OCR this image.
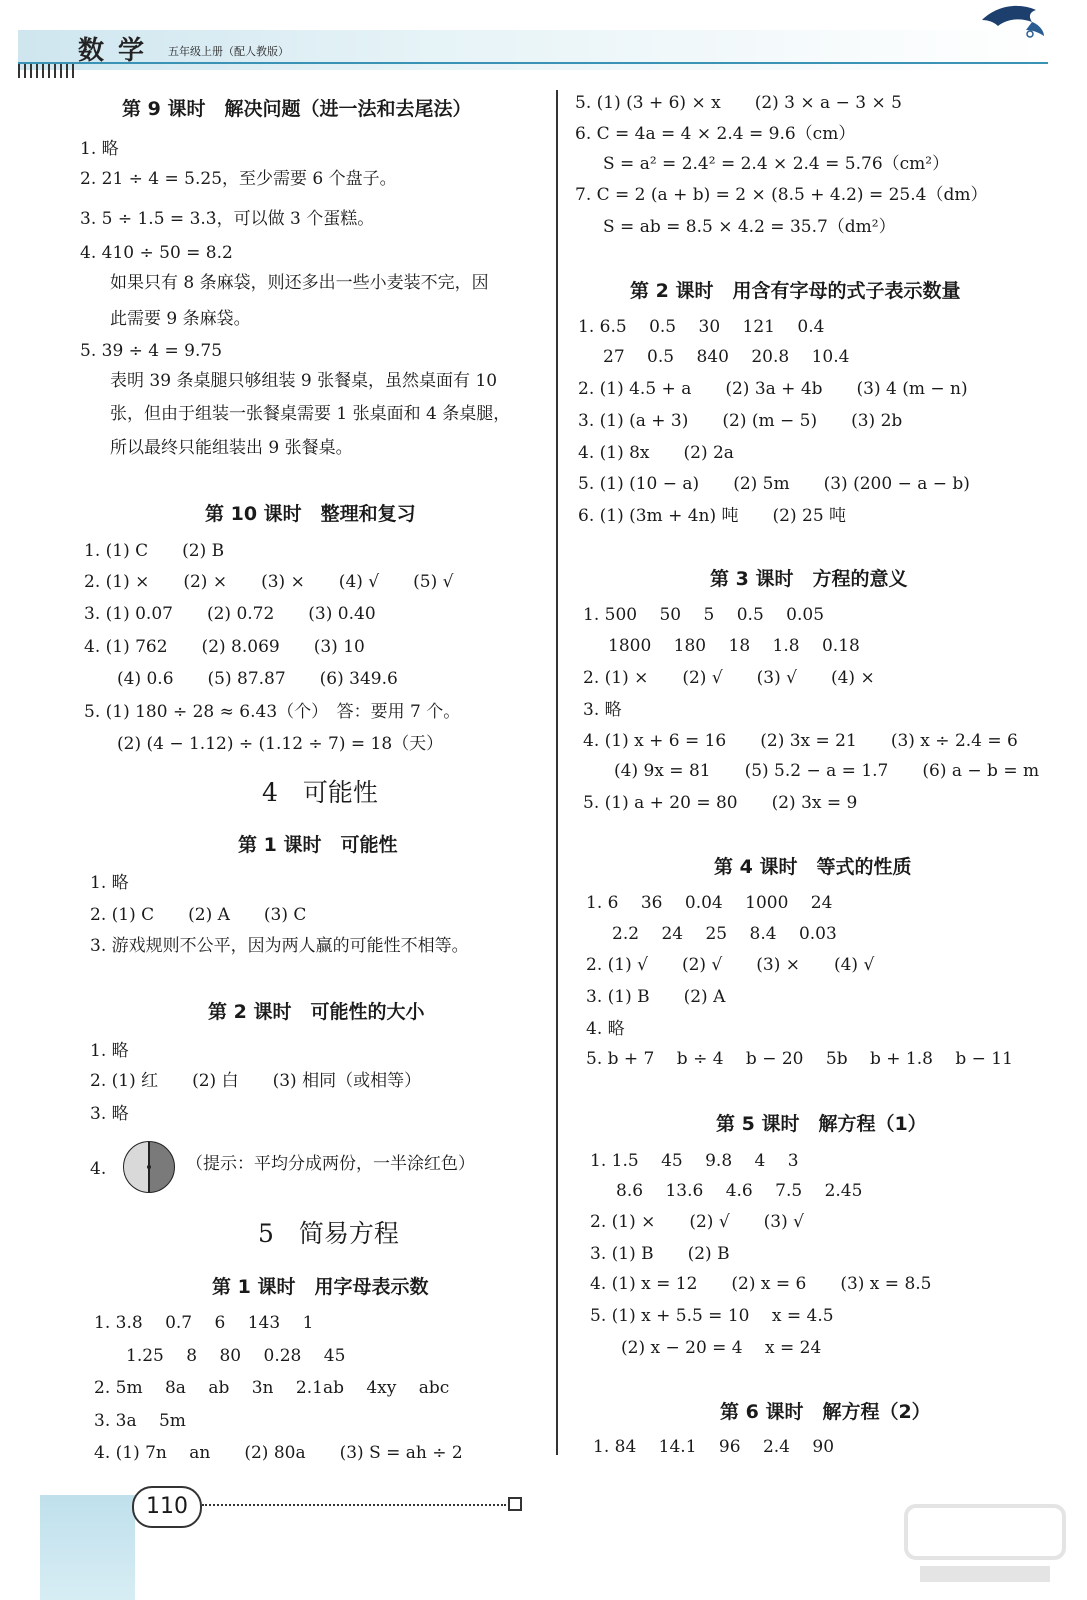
数学 五年级上册（配人教版）
第 9 课时　解决问题（进一法和去尾法）
1. 略
2. 21 ÷ 4 = 5.25，至少需要 6 个盘子。
3. 5 ÷ 1.5 = 3.3̇，可以做 3 个蛋糕。
4. 410 ÷ 50 = 8.2
如果只有 8 条麻袋，则还多出一些小麦装不完，因
此需要 9 条麻袋。
5. 39 ÷ 4 = 9.75
表明 39 条桌腿只够组装 9 张餐桌，虽然桌面有 10
张，但由于组装一张餐桌需要 1 张桌面和 4 条桌腿，
所以最终只能组装出 9 张餐桌。
第 10 课时　整理和复习
1. (1) C　　(2) B
2. (1) ×　　(2) ×　　(3) ×　　(4) √　　(5) √
3. (1) 0.07　　(2) 0.72　　(3) 0.40
4. (1) 762　　(2) 8.069　　(3) 10
(4) 0.6　　(5) 87.87　　(6) 349.6
5. (1) 180 ÷ 28 ≈ 6.43（个）　答：要用 7 个。
(2) (4 − 1.12) ÷ (1.12 ÷ 7) = 18（天）
4　可能性
第 1 课时　可能性
1. 略
2. (1) C　　(2) A　　(3) C
3. 游戏规则不公平，因为两人赢的可能性不相等。
第 2 课时　可能性的大小
1. 略
2. (1) 红　　(2) 白　　(3) 相同（或相等）
3. 略
4.	（提示：平均分成两份，一半涂红色）
5　简易方程
第 1 课时　用字母表示数
1. 3.8　 0.7　 6　 143　 1
1.25　 8　 80　 0.28　 45
2. 5m　 8a　 ab　 3n　 2.1ab　 4xy　 abc
3. 3a　 5m
4. (1) 7n　 an　　(2) 80a　　(3) S = ah ÷ 2
5. (1) (3 + 6) × x　　(2) 3 × a − 3 × 5
6. C = 4a = 4 × 2.4 = 9.6（cm）
S = a² = 2.4² = 2.4 × 2.4 = 5.76（cm²）
7. C = 2 (a + b) = 2 × (8.5 + 4.2) = 25.4（dm）
S = ab = 8.5 × 4.2 = 35.7（dm²）
第 2 课时　用含有字母的式子表示数量
1. 6.5　 0.5　 30　 121　 0.4
27　 0.5　 840　 20.8　 10.4
2. (1) 4.5 + a　　(2) 3a + 4b　　(3) 4 (m − n)
3. (1) (a + 3)　　(2) (m − 5)　　(3) 2b
4. (1) 8x　　(2) 2a
5. (1) (10 − a)　　(2) 5m　　(3) (200 − a − b)
6. (1) (3m + 4n) 吨　　(2) 25 吨
第 3 课时　方程的意义
1. 500　 50　 5　 0.5　 0.05
1800　 180　 18　 1.8　 0.18
2. (1) ×　　(2) √　　(3) √　　(4) ×
3. 略
4. (1) x + 6 = 16　　(2) 3x = 21　　(3) x ÷ 2.4 = 6
(4) 9x = 81　　(5) 5.2 − a = 1.7　　(6) a − b = m
5. (1) a + 20 = 80　　(2) 3x = 9
第 4 课时　等式的性质
1. 6　 36　 0.04　 1000　 24
2.2　 24　 25　 8.4　 0.03
2. (1) √　　(2) √　　(3) ×　　(4) √
3. (1) B　　(2) A
4. 略
5. b + 7　 b ÷ 4　 b − 20　 5b　 b + 1.8　 b − 11
第 5 课时　解方程（1）
1. 1.5　 45　 9.8　 4　 3
8.6　 13.6　 4.6　 7.5　 2.45
2. (1) ×　　(2) √　　(3) √
3. (1) B　　(2) B
4. (1) x = 12　　(2) x = 6　　(3) x = 8.5
5. (1) x + 5.5 = 10　 x = 4.5
(2) x − 20 = 4　 x = 24
第 6 课时　解方程（2）
1. 84　 14.1　 96　 2.4　 90
110
